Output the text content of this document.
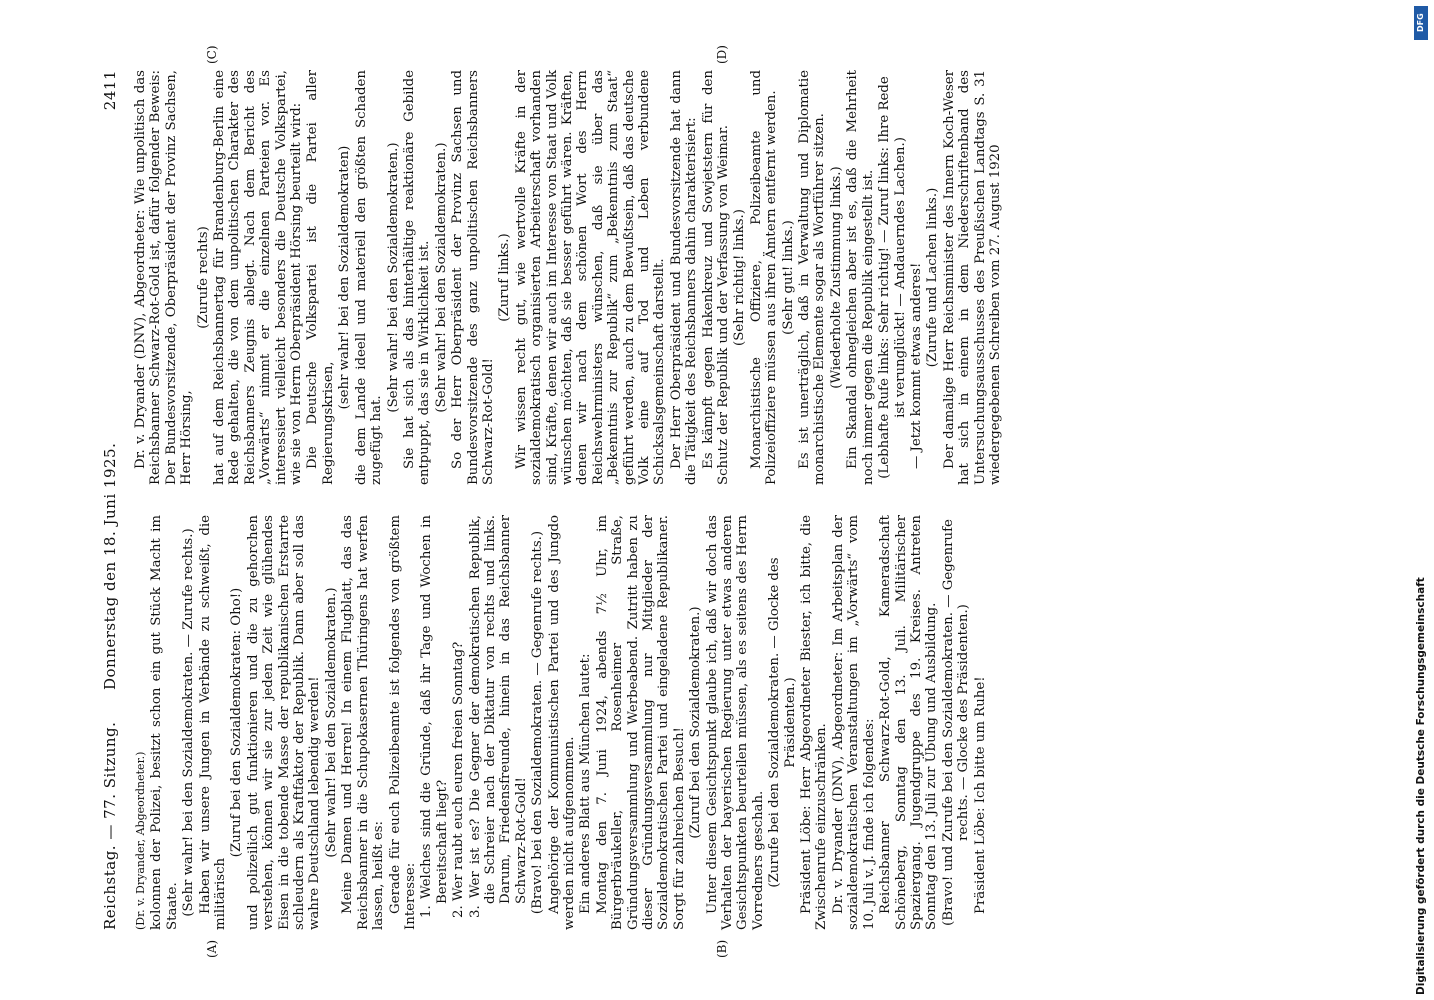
Reichstag. — 77. Sitzung.
Donnerstag den 18. Juni 1925.
2411

(Dr. v. Dryander, Abgeordneter.) kolonnen der Polizei, besitzt schon ein gut Stück Macht im Staate. (Sehr wahr! bei den Sozialdemokraten. — Zurufe rechts.) Haben wir unsere Jungen in Verbände zu schweißt, die militärisch

(Zuruf bei den Sozialdemokraten: Oho!) und polizeilich gut funktionieren und die zu gehorchen verstehen, können wir sie zur jeden Zeit wie glühendes Eisen in die tobende Masse der republikanischen Erstarrte schleudern als Kraftfaktor der Republik. Dann aber soll das wahre Deutschland lebendig werden! (Sehr wahr! bei den Sozialdemokraten.) Meine Damen und Herren! In einem Flugblatt, das das Reichsbanner in die Schupokasernen Thüringens hat werfen lassen, heißt es: Gerade für euch Polizeibeamte ist folgendes von größtem Interesse: 1. Welches sind die Gründe, daß ihr Tage und Wochen in Bereitschaft liegt? 2. Wer raubt euch euren freien Sonntag? 3. Wer ist es? Die Gegner der demokratischen Republik, die Schreier nach der Diktatur von rechts und links. Darum, Friedensfreunde, hinein in das Reichsbanner Schwarz-Rot-Gold! (Bravo! bei den Sozialdemokraten. — Gegenrufe rechts.) Angehörige der Kommunistischen Partei und des Jungdo werden nicht aufgenommen. Ein anderes Blatt aus München lautet: Montag den 7. Juni 1924, abends 7½ Uhr, im Bürgerbräukeller, Rosenheimer Straße, Gründungsversammlung und Werbeabend. Zutritt haben zu dieser Gründungsversammlung nur Mitglieder der Sozialdemokratischen Partei und eingeladene Republikaner. Sorgt für zahlreichen Besuch! (Zuruf bei den Sozialdemokraten.) Unter diesem Gesichtspunkt glaube ich, daß wir doch das Verhalten der bayerischen Regierung unter etwas anderen Gesichtspunkten beurteilen müssen, als es seitens des Herrn Vorredners geschah. (Zurufe bei den Sozialdemokraten. — Glocke des Präsidenten.) Präsident Löbe: Herr Abgeordneter Biester, ich bitte, die Zwischenrufe einzuschränken. Dr. v. Dryander (DNV), Abgeordneter: Im Arbeitsplan der sozialdemokratischen Veranstaltungen im „Vorwärts“ vom 10. Juli v. J. finde ich folgendes: Reichsbanner Schwarz-Rot-Gold, Kameradschaft Schöneberg, Sonntag den 13. Juli. Militärischer Spaziergang. Jugendgruppe des 19. Kreises. Antreten Sonntag den 13. Juli zur Übung und Ausbildung. (Bravo! und Zurufe bei den Sozialdemokraten. — Gegenrufe rechts. — Glocke des Präsidenten.) Präsident Löbe: Ich bitte um Ruhe!

Dr. v. Dryander (DNV), Abgeordneter: Wie unpolitisch das Reichsbanner Schwarz-Rot-Gold ist, dafür folgender Beweis: Der Bundesvorsitzende, Oberpräsident der Provinz Sachsen, Herr Hörsing,

(Zurufe rechts) hat auf dem Reichsbannertag für Brandenburg-Berlin eine Rede gehalten, die von dem unpolitischen Charakter des Reichsbanners Zeugnis ablegt. Nach dem Bericht des „Vorwärts“ nimmt er die einzelnen Parteien vor. Es interessiert vielleicht besonders die Deutsche Volkspartei, wie sie von Herrn Oberpräsident Hörsing beurteilt wird: Die Deutsche Volkspartei ist die Partei aller Regierungskrisen,

(sehr wahr! bei den Sozialdemokraten) die dem Lande ideell und materiell den größten Schaden zugefügt hat.

(Sehr wahr! bei den Sozialdemokraten.) Sie hat sich als das hinterhältige reaktionäre Gebilde entpuppt, das sie in Wirklichkeit ist. (Sehr wahr! bei den Sozialdemokraten.) So der Herr Oberpräsident der Provinz Sachsen und Bundesvorsitzende des ganz unpolitischen Reichsbanners Schwarz-Rot-Gold!

(Zuruf links.) Wir wissen recht gut, wie wertvolle Kräfte in der sozialdemokratisch organisierten Arbeiterschaft vorhanden sind, Kräfte, denen wir auch im Interesse von Staat und Volk wünschen möchten, daß sie besser geführt wären. Kräften, denen wir nach dem schönen Wort des Herrn Reichswehrministers wünschen, daß sie über das „Bekenntnis zur Republik“ zum „Bekenntnis zum Staat“ geführt werden, auch zu dem Bewußtsein, daß das deutsche Volk eine auf Tod und Leben verbundene Schicksalsgemeinschaft darstellt. Der Herr Oberpräsident und Bundesvorsitzende hat dann die Tätigkeit des Reichsbanners dahin charakterisiert: Es kämpft gegen Hakenkreuz und Sowjetstern für den Schutz der Republik und der Verfassung von Weimar. (Sehr richtig! links.) Monarchistische Offiziere, Polizeibeamte und Polizeioffiziere müssen aus ihren Ämtern entfernt werden. (Sehr gut! links.) Es ist unerträglich, daß in Verwaltung und Diplomatie monarchistische Elemente sogar als Wortführer sitzen. (Wiederholte Zustimmung links.) Ein Skandal ohnegleichen aber ist es, daß die Mehrheit noch immer gegen die Republik eingestellt ist. (Lebhafte Rufe links: Sehr richtig! — Zuruf links: Ihre Rede ist verunglückt! — Andauerndes Lachen.) — Jetzt kommt etwas anderes! (Zurufe und Lachen links.) Der damalige Herr Reichsminister des Innern Koch-Weser hat sich in einem in dem Niederschriftenband des Untersuchungsausschusses des Preußischen Landtags S. 31 wiedergegebenen Schreiben vom 27. August 1920

(A)	(B)
(C)	(D)
DFG
Digitalisierung gefördert durch die Deutsche Forschungsgemeinschaft
